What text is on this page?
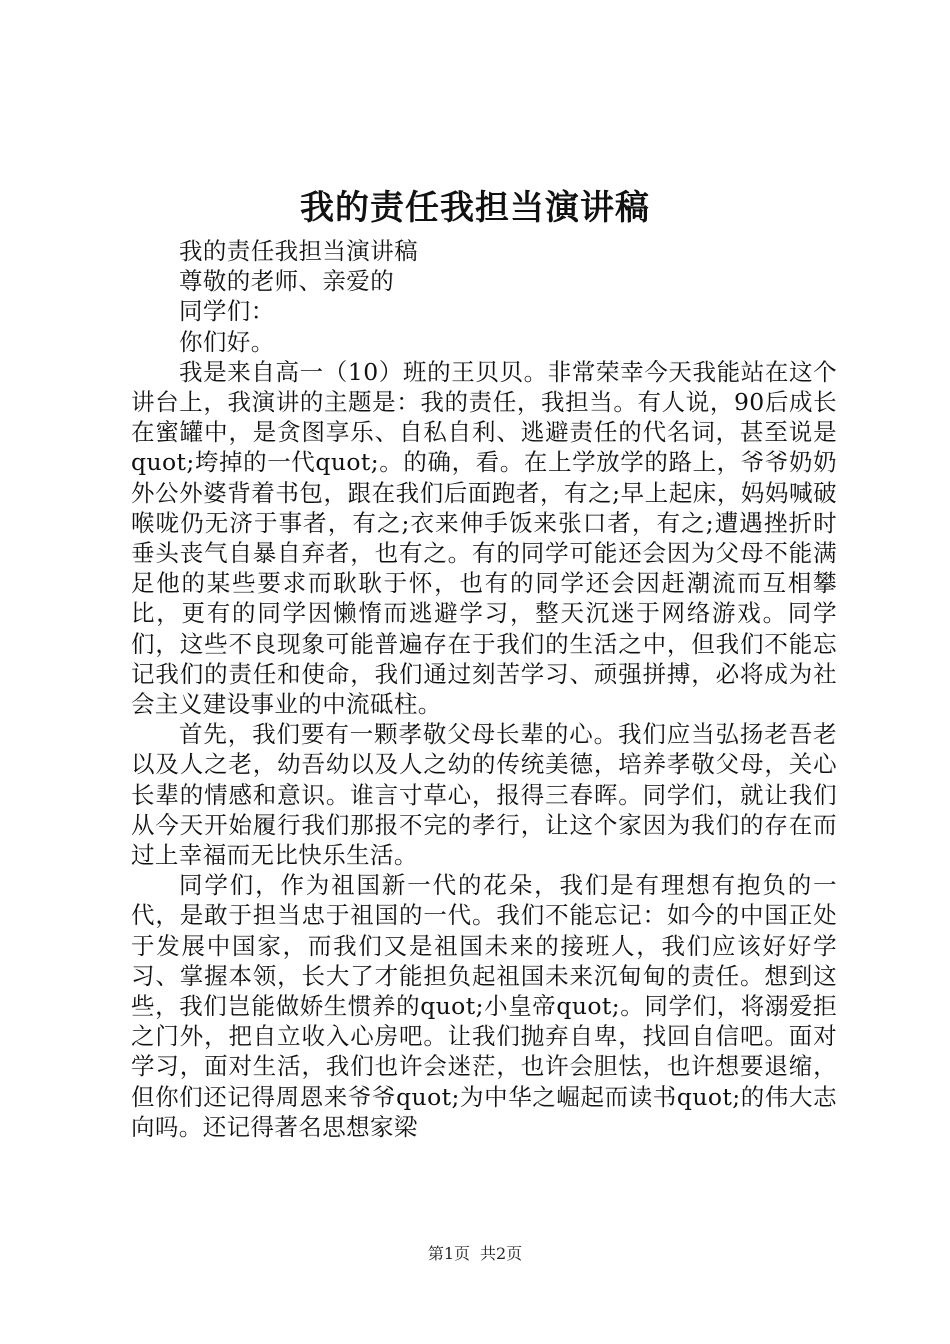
我的责任我担当演讲稿

我的责任我担当演讲稿

尊敬的老师、亲爱的

同学们：

你们好。

我是来自高一（10）班的王贝贝。非常荣幸今天我能站在这个讲台上，我演讲的主题是：我的责任，我担当。有人说，90后成长在蜜罐中，是贪图享乐、自私自利、逃避责任的代名词，甚至说是quot;垮掉的一代quot;。的确，看。在上学放学的路上，爷爷奶奶外公外婆背着书包，跟在我们后面跑者，有之;早上起床，妈妈喊破喉咙仍无济于事者，有之;衣来伸手饭来张口者，有之;遭遇挫折时垂头丧气自暴自弃者，也有之。有的同学可能还会因为父母不能满足他的某些要求而耿耿于怀，也有的同学还会因赶潮流而互相攀比，更有的同学因懒惰而逃避学习，整天沉迷于网络游戏。同学们，这些不良现象可能普遍存在于我们的生活之中，但我们不能忘记我们的责任和使命，我们通过刻苦学习、顽强拼搏，必将成为社会主义建设事业的中流砥柱。

首先，我们要有一颗孝敬父母长辈的心。我们应当弘扬老吾老以及人之老，幼吾幼以及人之幼的传统美德，培养孝敬父母，关心长辈的情感和意识。谁言寸草心，报得三春晖。同学们，就让我们从今天开始履行我们那报不完的孝行，让这个家因为我们的存在而过上幸福而无比快乐生活。

同学们，作为祖国新一代的花朵，我们是有理想有抱负的一代，是敢于担当忠于祖国的一代。我们不能忘记：如今的中国正处于发展中国家，而我们又是祖国未来的接班人，我们应该好好学习、掌握本领，长大了才能担负起祖国未来沉甸甸的责任。想到这些，我们岂能做娇生惯养的quot;小皇帝quot;。同学们，将溺爱拒之门外，把自立收入心房吧。让我们抛弃自卑，找回自信吧。面对学习，面对生活，我们也许会迷茫，也许会胆怯，也许想要退缩，但你们还记得周恩来爷爷quot;为中华之崛起而读书quot;的伟大志向吗。还记得著名思想家梁

第1页 共2页
